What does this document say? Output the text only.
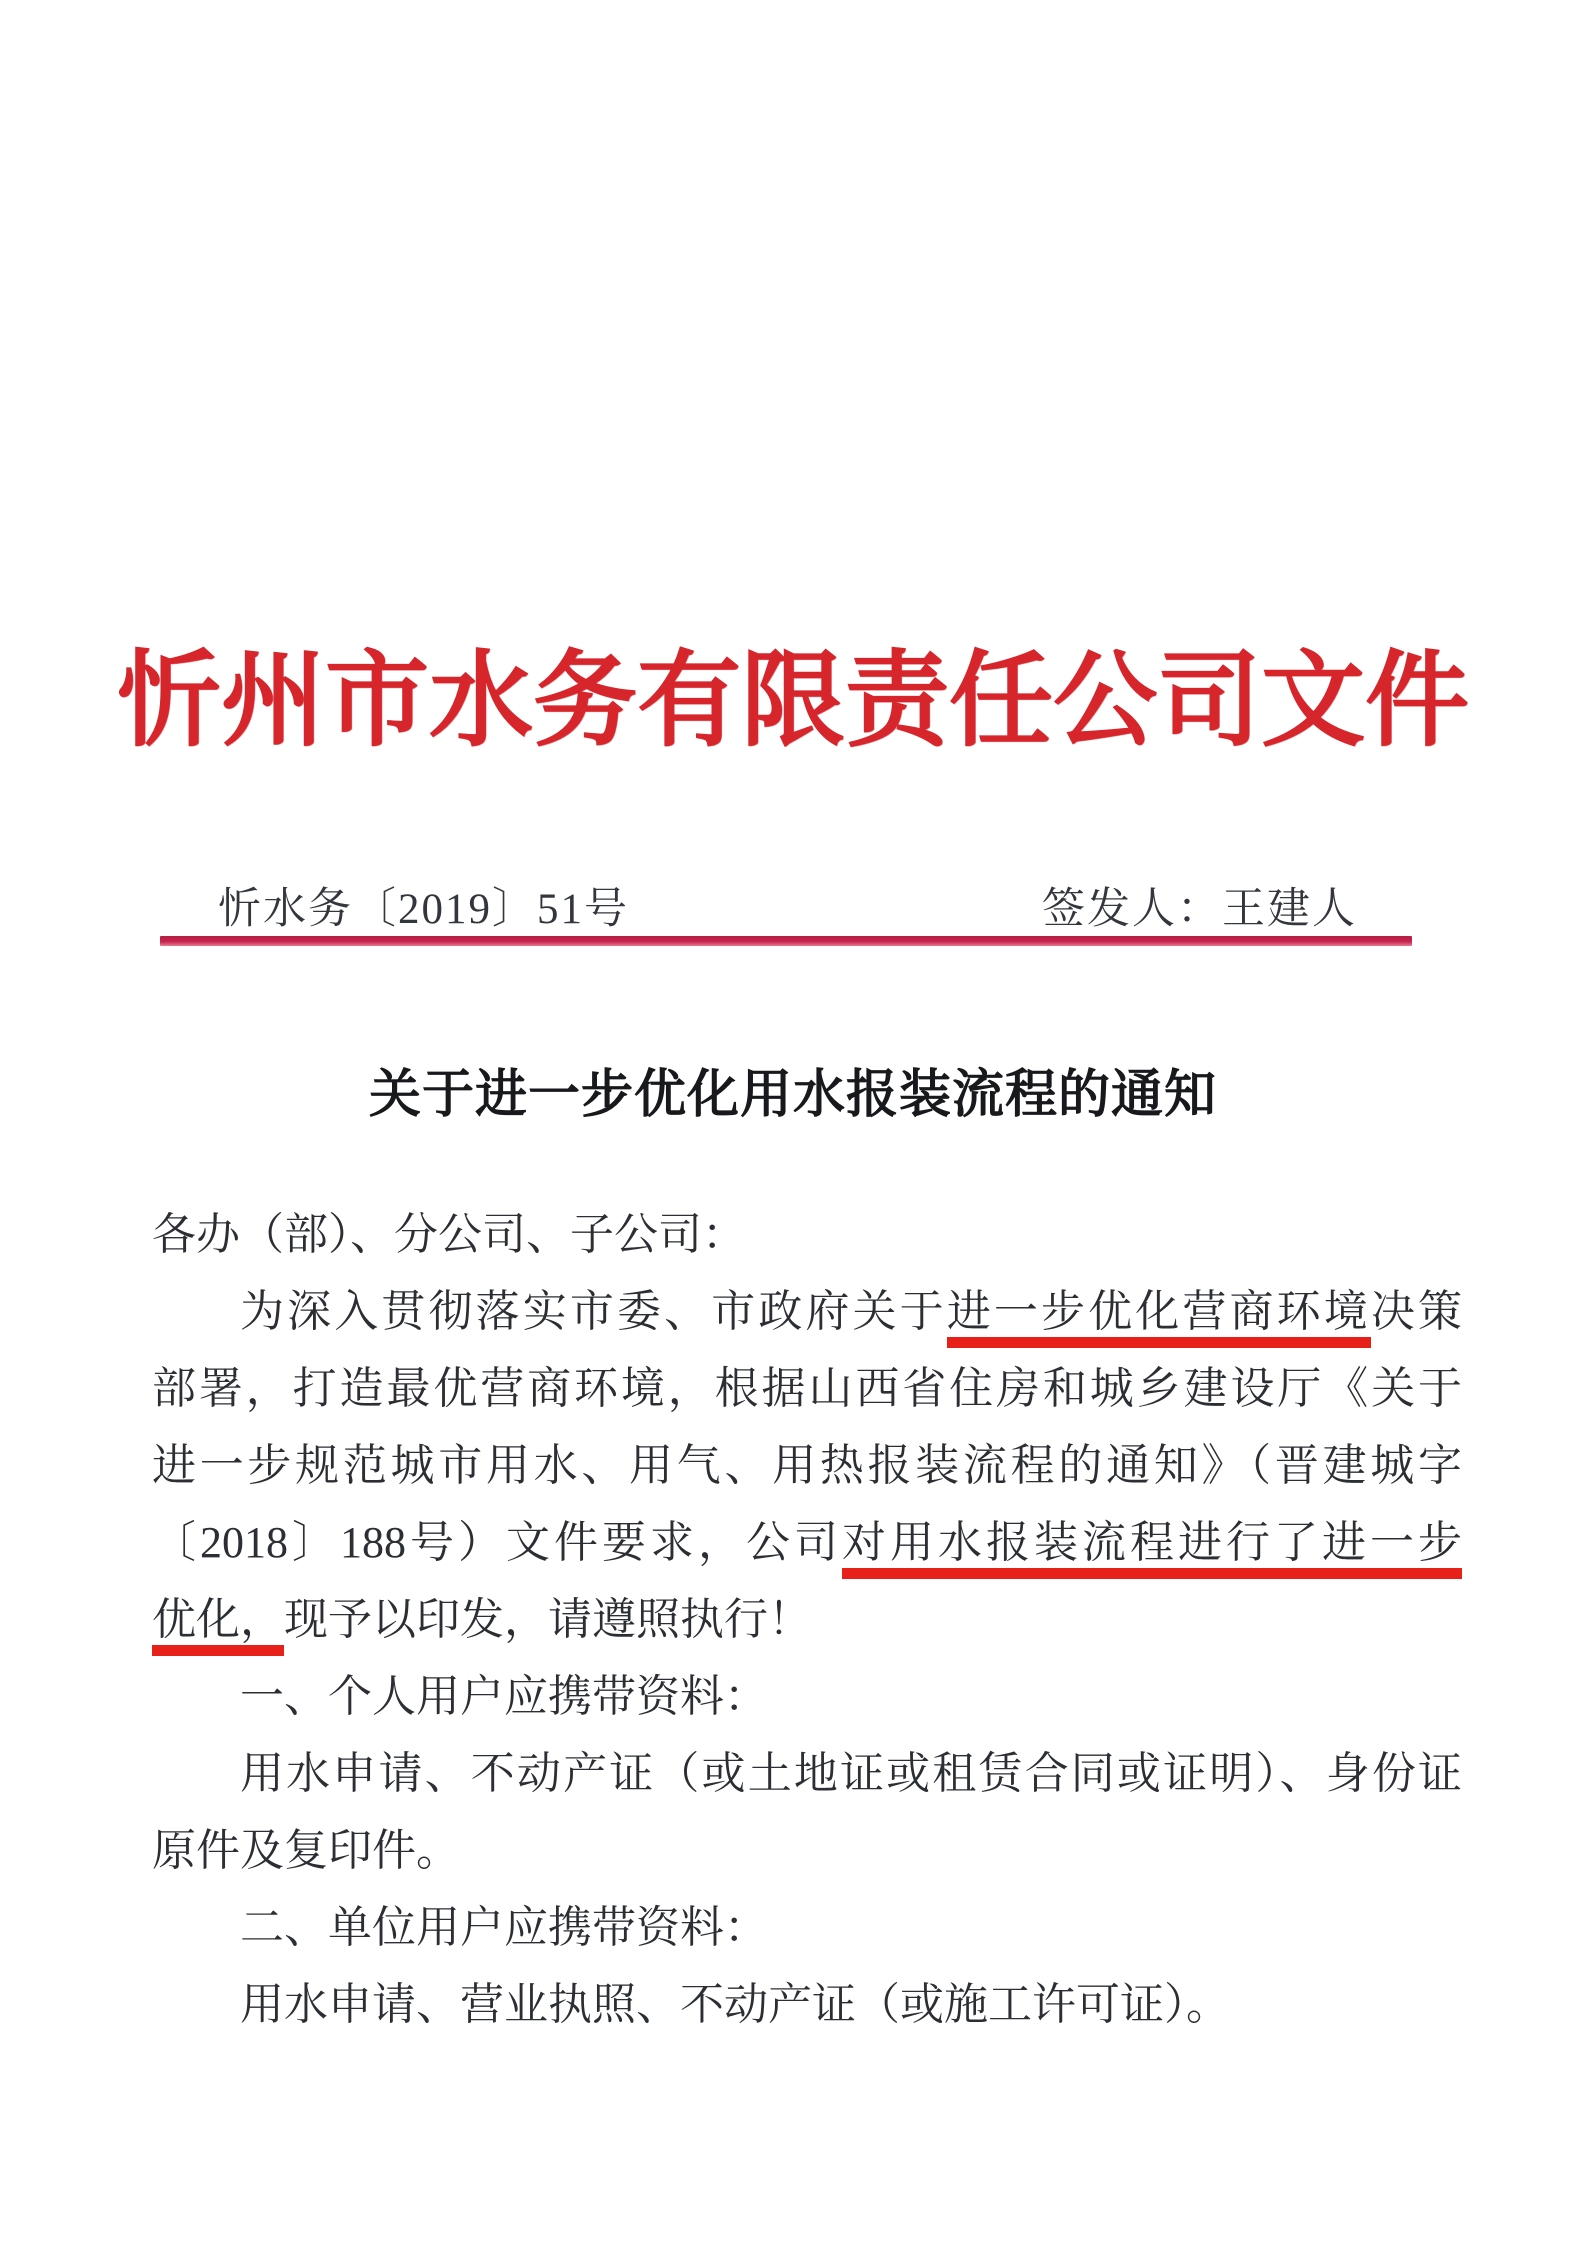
忻州市水务有限责任公司文件
忻水务〔2019〕51号	签发人：王建人
关于进一步优化用水报装流程的通知
各办（部）、分公司、子公司：
为深入贯彻落实市委、市政府关于进一步优化营商环境决策
部署，打造最优营商环境，根据山西省住房和城乡建设厅《关于
进一步规范城市用水、用气、用热报装流程的通知》（晋建城字
〔2018〕188号）文件要求，公司对用水报装流程进行了进一步
优化，现予以印发，请遵照执行！
一、个人用户应携带资料：
用水申请、不动产证（或土地证或租赁合同或证明）、身份证
原件及复印件。
二、单位用户应携带资料：
用水申请、营业执照、不动产证（或施工许可证）。
